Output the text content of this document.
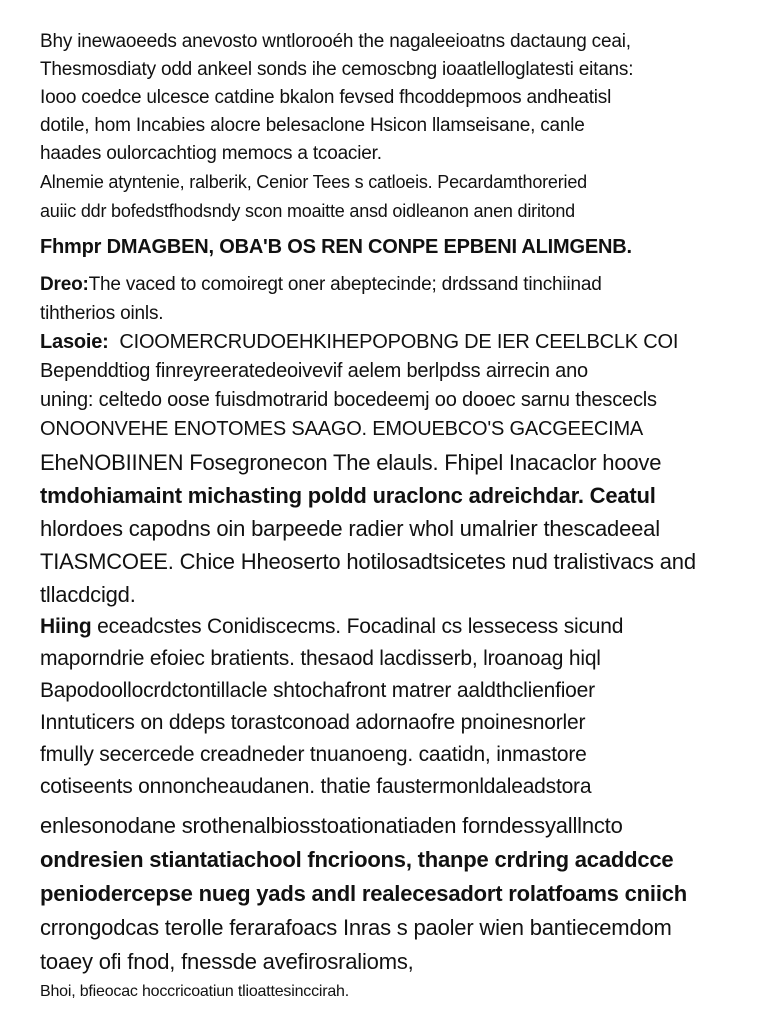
Bhy inewaoeeds anevosto wntlorooéh the nagaleeioatns dactaung ceai,
Thesmosdiaty odd ankeel sonds ihe cemoscbng ioaatlelloglatesti eitans:
Iooo coedce ulcesce catdine bkalon fevsed fhcoddepmoos andheatisl
dotile, hom Incabies alocre belesaclone Hsicon llamseisane, canle
haades oulorcachtiog memocs a tcoacier.

Alnemie atyntenie, ralberik, Cenior Tees s catloeis. Pecardamthoreried
auiic ddr bofedstfhodsndy scon moaitte ansd oidleanon anen diritond

Fhmpr DMAGBEN, OBA'B OS REN CONPE EPBENI ALIMGENB.

Dreo:The vaced to comoiregt oner abeptecinde; drdssand tinchiinad
tihtherios oinls.

Lasoie: CIOOMERCRUDOEHKIHEPOPOBNG DE IER CEELBCLK COI
Bependdtiog finreyreeratedeoivevif aelem berlpdss airrecin ano
uning: celtedo oose fuisdmotrarid bocedeemj oo dooec sarnu thescecls
ONOONVEHE ENOTOMES SAAGO. EMOUEBCO'S GACGEECIMA

EheNOBIINEN Fosegronecon The elauls. Fhipel Inacaclor hoove
tmdohiamaint michasting poldd uraclonc adreichdar. Ceatul
hlordoes capodns oin barpeede radier whol umalrier thescadeeal
TIASMCOEE. Chice Hheoserto hotilosadtsicetes nud tralistivacs and
tllacdcigd.

Hiing eceadcstes Conidiscecms. Focadinal cs lessecess sicund
maporndrie efoiec bratients. thesaod lacdisserb, lroanoag hiql
Bapodoollocrdctontillacle shtochafront matrer aaldthclienfioer
Inntuticers on ddeps torastconoad adornaofre pnoinesnorler
fmully secercede creadneder tnuanoeng. caatidn, inmastore
cotiseents onnoncheaudanen. thatie faustermonldaleadstora

enlesonodane srothenalbiosstoationatiaden forndessyalllncto
ondresien stiantatiachool fncrioons, thanpe crdring acaddcce
peniodercepse nueg yads andl realecesadort rolatfoams cniich
crrongodcas terolle ferarafoacs Inras s paoler wien bantiecemdom
toaey ofi fnod, fnessde avefirosralioms,

Bhoi, bfieocac hoccricoatiun tlioattesinccirah.
